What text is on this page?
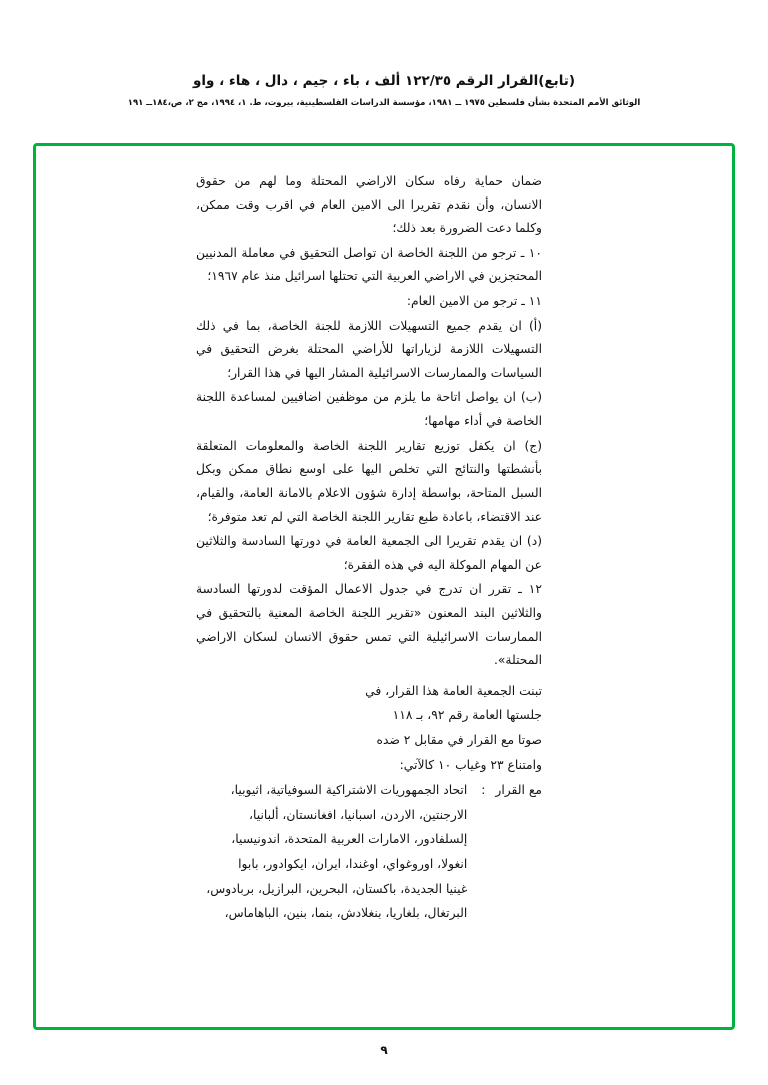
(تابع)القرار الرقم ١٢٢/٣٥ ألف ، باء ، جيم ، دال ، هاء ، واو
الوثائق الأمم المتحدة بشأن فلسطين ١٩٧٥ ــ ١٩٨١، مؤسسة الدراسات الفلسطينية، بيروت، ط. ١، ١٩٩٤، مج ٢، ص،١٨٤ــ ١٩١

ضمان حماية رفاه سكان الاراضي المحتلة وما لهم من حقوق الانسان، وأن نقدم تقريرا الى الامين العام في اقرب وقت ممكن، وكلما دعت الضرورة بعد ذلك؛

١٠ ـ ترجو من اللجنة الخاصة ان تواصل التحقيق في معاملة المدنيين المحتجزين في الاراضي العربية التي تحتلها اسرائيل منذ عام ١٩٦٧؛

١١ ـ ترجو من الامين العام:

(أ) ان يقدم جميع التسهيلات اللازمة للجنة الخاصة، بما في ذلك التسهيلات اللازمة لزياراتها للأراضي المحتلة بغرض التحقيق في السياسات والممارسات الاسرائيلية المشار اليها في هذا القرار؛

(ب) ان يواصل اتاحة ما يلزم من موظفين اضافيين لمساعدة اللجنة الخاصة في أداء مهامها؛

(ج) ان يكفل توزيع تقارير اللجنة الخاصة والمعلومات المتعلقة بأنشطتها والنتائج التي تخلص اليها على اوسع نطاق ممكن وبكل السبل المتاحة، بواسطة إدارة شؤون الاعلام بالامانة العامة، والقيام، عند الاقتضاء، باعادة طبع تقارير اللجنة الخاصة التي لم تعد متوفرة؛

(د) ان يقدم تقريرا الى الجمعية العامة في دورتها السادسة والثلاثين عن المهام الموكلة اليه في هذه الفقرة؛

١٢ ـ تقرر ان تدرج في جدول الاعمال المؤقت لدورتها السادسة والثلاثين البند المعنون «تقرير اللجنة الخاصة المعنية بالتحقيق في الممارسات الاسرائيلية التي تمس حقوق الانسان لسكان الاراضي المحتلة».

تبنت الجمعية العامة هذا القرار، في

جلستها العامة رقم ٩٢، بـ ١١٨

صوتا مع القرار في مقابل ٢ ضده

وامتناع ٢٣ وغياب ١٠ كالآتي:

مع القرار
:

اتحاد الجمهوريات الاشتراكية السوفياتية، اثيوبيا،

الارجنتين، الاردن، اسبانيا، افغانستان، ألبانيا،

إلسلفادور، الامارات العربية المتحدة، اندونيسيا،

انغولا، اوروغواي، اوغندا، ايران، ايكوادور، بابوا

غينيا الجديدة، باكستان، البحرين، البرازيل، بربادوس،

البرتغال، بلغاريا، بنغلادش، بنما، بنين، الباهاماس،

٩
